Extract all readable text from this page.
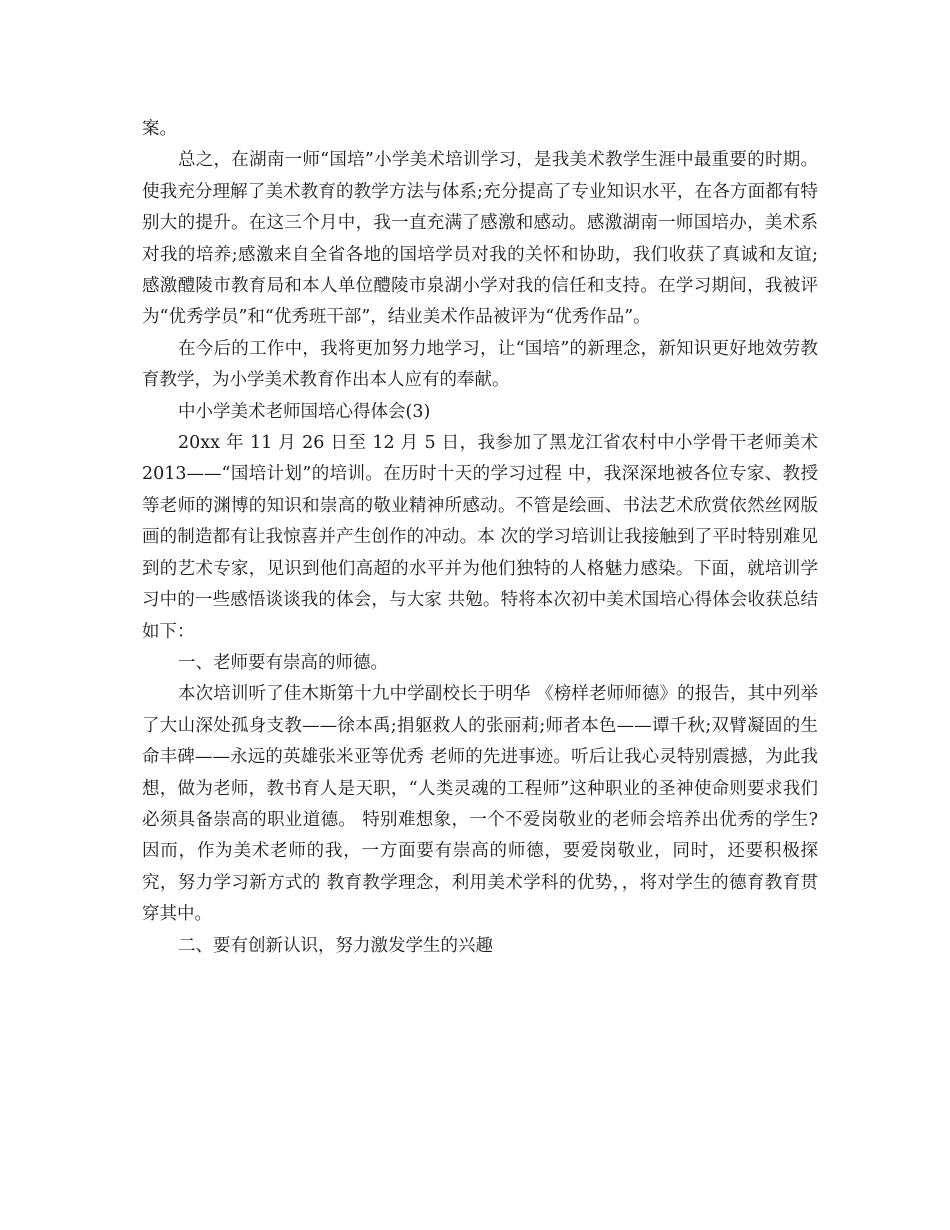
案。

总之，在湖南一师“国培”小学美术培训学习，是我美术教学生涯中最重要的时期。使我充分理解了美术教育的教学方法与体系;充分提高了专业知识水平，在各方面都有特别大的提升。在这三个月中，我一直充满了感激和感动。感激湖南一师国培办，美术系对我的培养;感激来自全省各地的国培学员对我的关怀和协助，我们收获了真诚和友谊;感激醴陵市教育局和本人单位醴陵市泉湖小学对我的信任和支持。在学习期间，我被评为“优秀学员”和“优秀班干部”，结业美术作品被评为“优秀作品”。

在今后的工作中，我将更加努力地学习，让“国培”的新理念，新知识更好地效劳教育教学，为小学美术教育作出本人应有的奉献。

中小学美术老师国培心得体会(3)

20xx 年 11 月 26 日至 12 月 5 日，我参加了黑龙江省农村中小学骨干老师美术 2013——“国培计划”的培训。在历时十天的学习过程 中，我深深地被各位专家、教授等老师的渊博的知识和崇高的敬业精神所感动。不管是绘画、书法艺术欣赏依然丝网版画的制造都有让我惊喜并产生创作的冲动。本 次的学习培训让我接触到了平时特别难见到的艺术专家，见识到他们高超的水平并为他们独特的人格魅力感染。下面，就培训学习中的一些感悟谈谈我的体会，与大家 共勉。特将本次初中美术国培心得体会收获总结如下：

一、老师要有崇高的师德。

本次培训听了佳木斯第十九中学副校长于明华 《榜样老师师德》的报告，其中列举了大山深处孤身支教——徐本禹;捐躯救人的张丽莉;师者本色——谭千秋;双臂凝固的生命丰碑——永远的英雄张米亚等优秀 老师的先进事迹。听后让我心灵特别震撼，为此我想，做为老师，教书育人是天职，“人类灵魂的工程师”这种职业的圣神使命则要求我们必须具备崇高的职业道德。 特别难想象，一个不爱岗敬业的老师会培养出优秀的学生?因而，作为美术老师的我，一方面要有崇高的师德，要爱岗敬业，同时，还要积极探究，努力学习新方式的 教育教学理念，利用美术学科的优势，，将对学生的德育教育贯穿其中。

二、要有创新认识，努力激发学生的兴趣
